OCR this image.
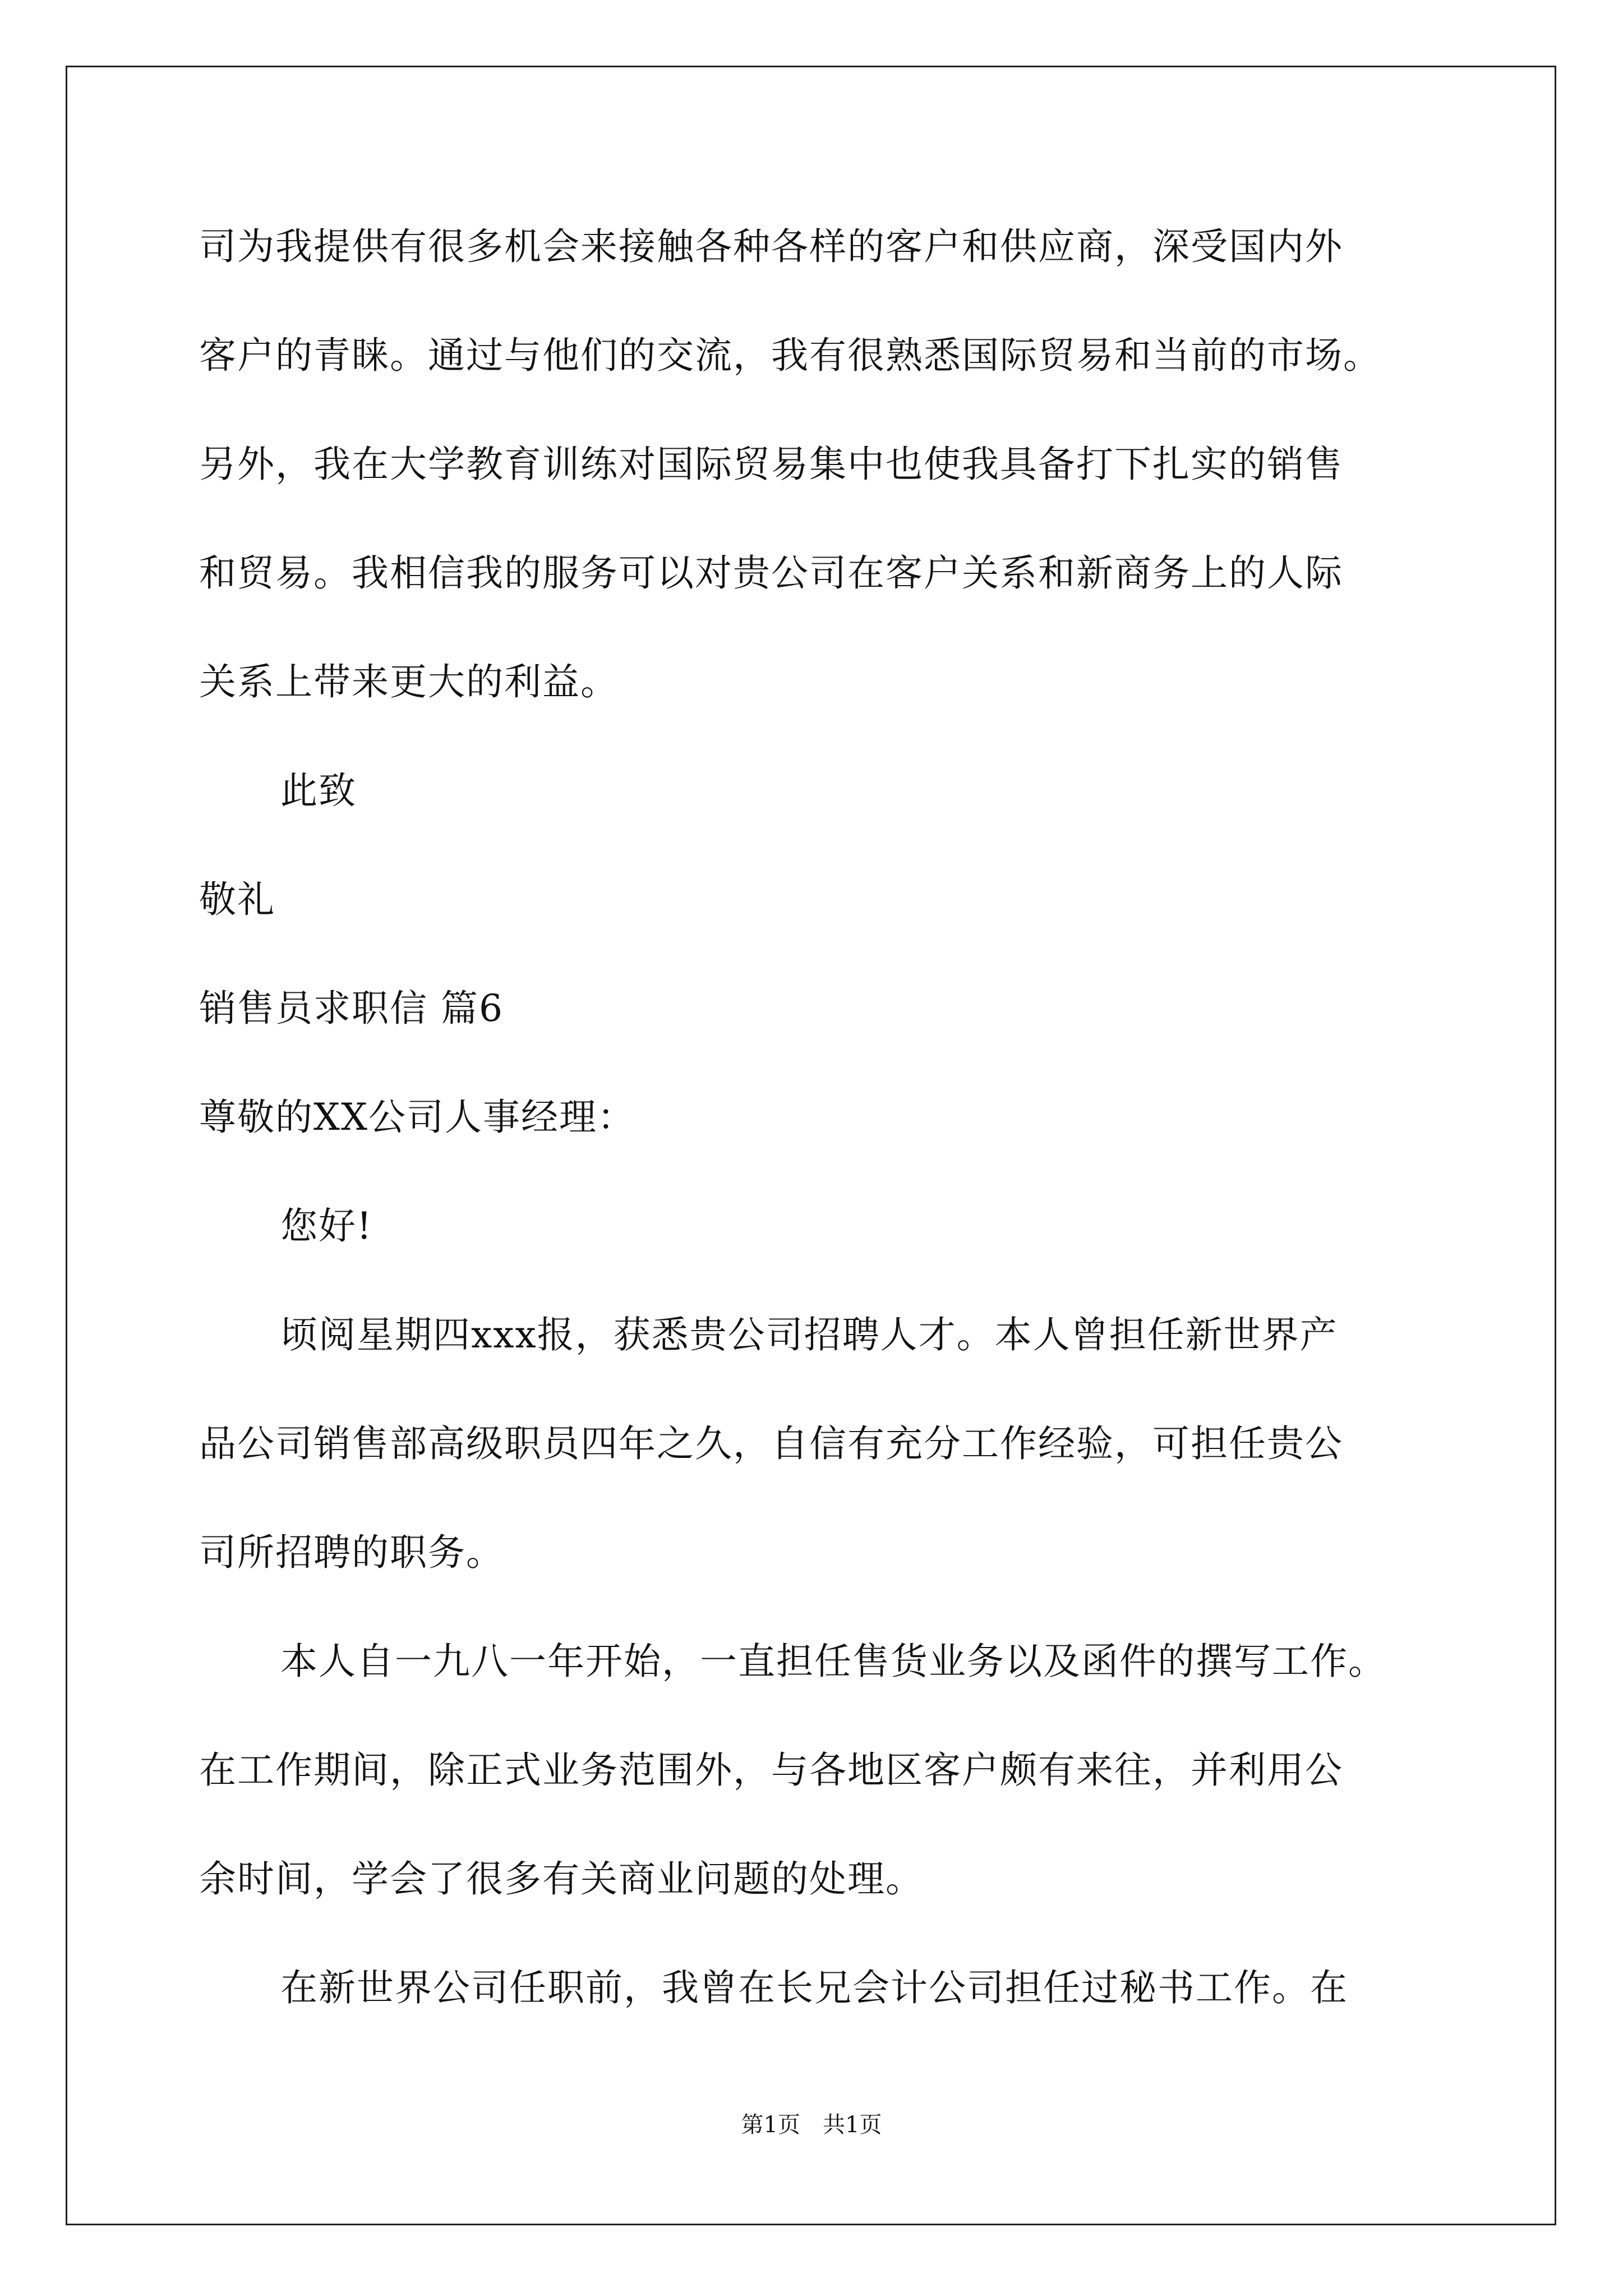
司为我提供有很多机会来接触各种各样的客户和供应商，深受国内外
客户的青睐。通过与他们的交流，我有很熟悉国际贸易和当前的市场。
另外，我在大学教育训练对国际贸易集中也使我具备打下扎实的销售
和贸易。我相信我的服务可以对贵公司在客户关系和新商务上的人际
关系上带来更大的利益。
此致
敬礼
销售员求职信 篇6
尊敬的XX公司人事经理：
您好!
顷阅星期四xxx报，获悉贵公司招聘人才。本人曾担任新世界产
品公司销售部高级职员四年之久，自信有充分工作经验，可担任贵公
司所招聘的职务。
本人自一九八一年开始，一直担任售货业务以及函件的撰写工作。
在工作期间，除正式业务范围外，与各地区客户颇有来往，并利用公
余时间，学会了很多有关商业问题的处理。
在新世界公司任职前，我曾在长兄会计公司担任过秘书工作。在
第1页　共1页
